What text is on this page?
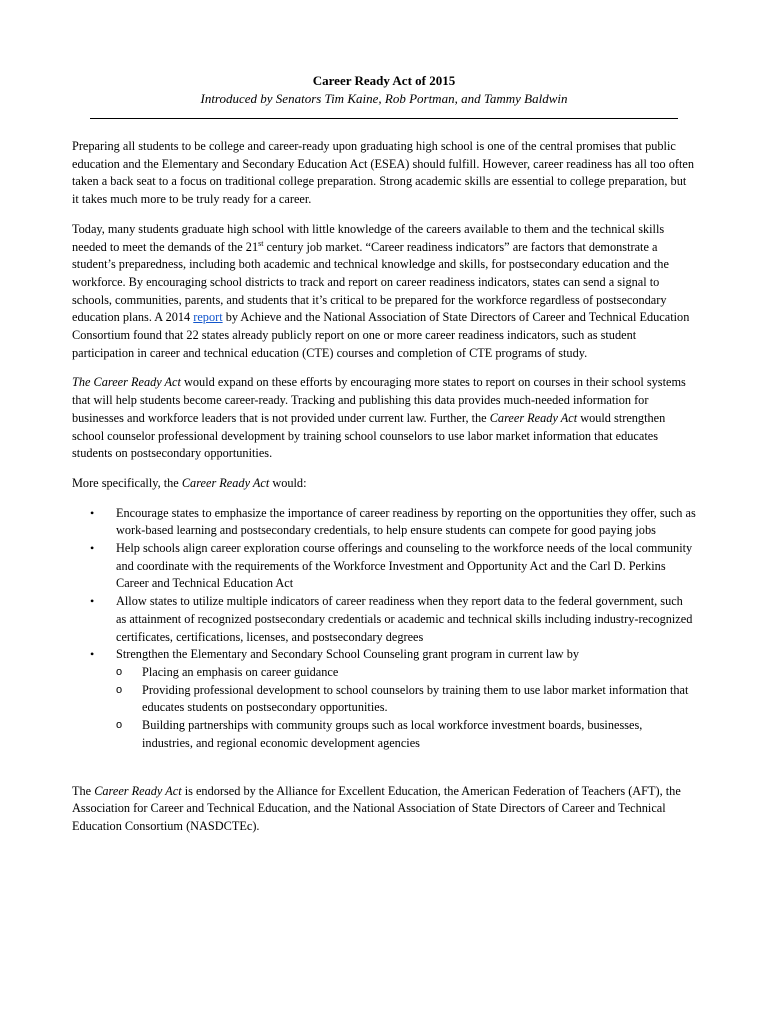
Career Ready Act of 2015
Introduced by Senators Tim Kaine, Rob Portman, and Tammy Baldwin

Preparing all students to be college and career-ready upon graduating high school is one of the central promises that public education and the Elementary and Secondary Education Act (ESEA) should fulfill. However, career readiness has all too often taken a back seat to a focus on traditional college preparation. Strong academic skills are essential to college preparation, but it takes much more to be truly ready for a career.

Today, many students graduate high school with little knowledge of the careers available to them and the technical skills needed to meet the demands of the 21st century job market. “Career readiness indicators” are factors that demonstrate a student’s preparedness, including both academic and technical knowledge and skills, for postsecondary education and the workforce. By encouraging school districts to track and report on career readiness indicators, states can send a signal to schools, communities, parents, and students that it’s critical to be prepared for the workforce regardless of postsecondary education plans. A 2014 report by Achieve and the National Association of State Directors of Career and Technical Education Consortium found that 22 states already publicly report on one or more career readiness indicators, such as student participation in career and technical education (CTE) courses and completion of CTE programs of study.

The Career Ready Act would expand on these efforts by encouraging more states to report on courses in their school systems that will help students become career-ready. Tracking and publishing this data provides much-needed information for businesses and workforce leaders that is not provided under current law. Further, the Career Ready Act would strengthen school counselor professional development by training school counselors to use labor market information that educates students on postsecondary opportunities.

More specifically, the Career Ready Act would:

• Encourage states to emphasize the importance of career readiness by reporting on the opportunities they offer, such as work-based learning and postsecondary credentials, to help ensure students can compete for good paying jobs
• Help schools align career exploration course offerings and counseling to the workforce needs of the local community and coordinate with the requirements of the Workforce Investment and Opportunity Act and the Carl D. Perkins Career and Technical Education Act
• Allow states to utilize multiple indicators of career readiness when they report data to the federal government, such as attainment of recognized postsecondary credentials or academic and technical skills including industry-recognized certificates, certifications, licenses, and postsecondary degrees
• Strengthen the Elementary and Secondary School Counseling grant program in current law by
o Placing an emphasis on career guidance
o Providing professional development to school counselors by training them to use labor market information that educates students on postsecondary opportunities.
o Building partnerships with community groups such as local workforce investment boards, businesses, industries, and regional economic development agencies

The Career Ready Act is endorsed by the Alliance for Excellent Education, the American Federation of Teachers (AFT), the Association for Career and Technical Education, and the National Association of State Directors of Career and Technical Education Consortium (NASDCTEc).
